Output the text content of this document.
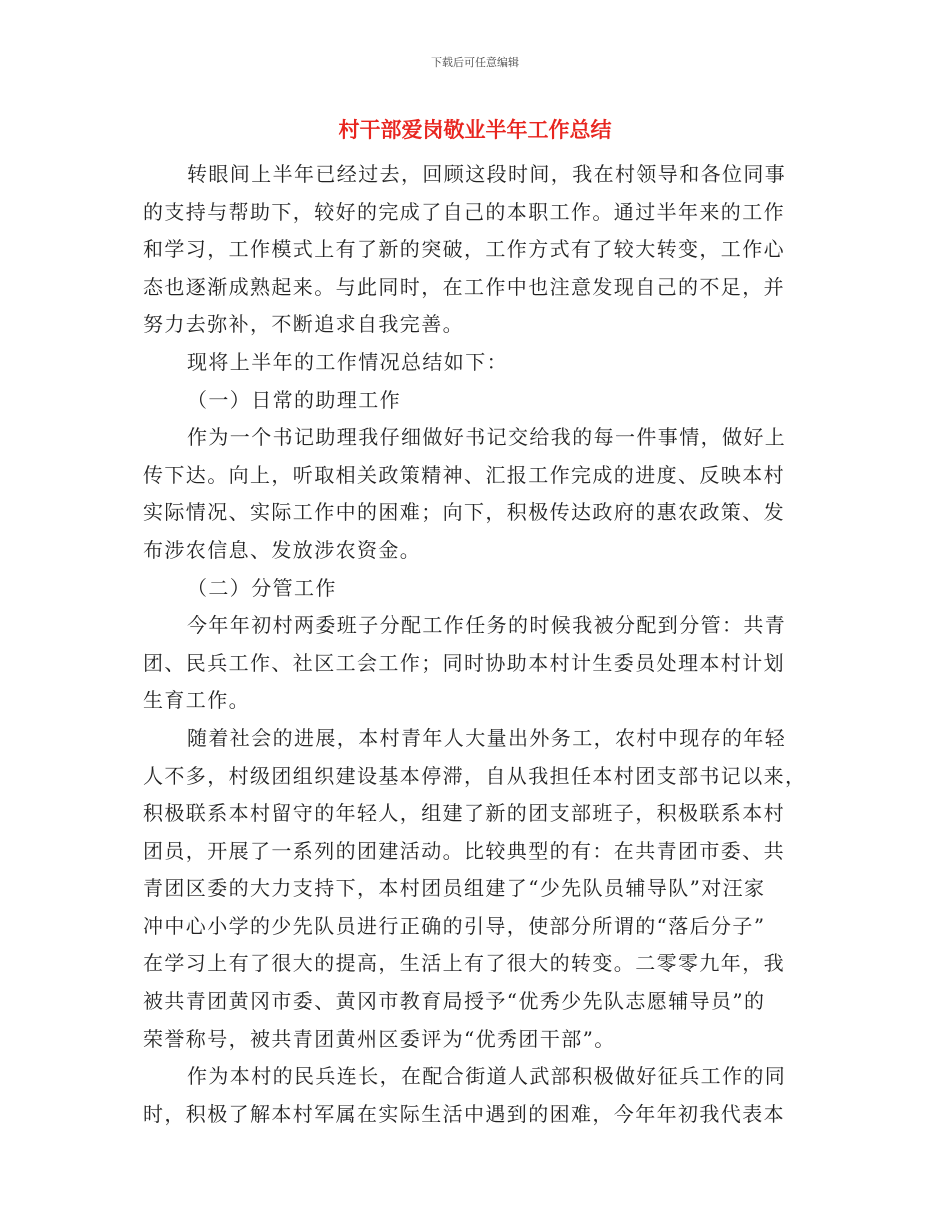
下载后可任意编辑
村干部爱岗敬业半年工作总结
转眼间上半年已经过去，回顾这段时间，我在村领导和各位同事
的支持与帮助下，较好的完成了自己的本职工作。通过半年来的工作
和学习，工作模式上有了新的突破，工作方式有了较大转变，工作心
态也逐渐成熟起来。与此同时，在工作中也注意发现自己的不足，并
努力去弥补，不断追求自我完善。
现将上半年的工作情况总结如下：
（一）日常的助理工作
作为一个书记助理我仔细做好书记交给我的每一件事情，做好上
传下达。向上，听取相关政策精神、汇报工作完成的进度、反映本村
实际情况、实际工作中的困难；向下，积极传达政府的惠农政策、发
布涉农信息、发放涉农资金。
（二）分管工作
今年年初村两委班子分配工作任务的时候我被分配到分管：共青
团、民兵工作、社区工会工作；同时协助本村计生委员处理本村计划
生育工作。
随着社会的进展，本村青年人大量出外务工，农村中现存的年轻
人不多，村级团组织建设基本停滞，自从我担任本村团支部书记以来，
积极联系本村留守的年轻人，组建了新的团支部班子，积极联系本村
团员，开展了一系列的团建活动。比较典型的有：在共青团市委、共
青团区委的大力支持下，本村团员组建了“少先队员辅导队”对汪家
冲中心小学的少先队员进行正确的引导，使部分所谓的“落后分子”
在学习上有了很大的提高，生活上有了很大的转变。二零零九年，我
被共青团黄冈市委、黄冈市教育局授予“优秀少先队志愿辅导员”的
荣誉称号，被共青团黄州区委评为“优秀团干部”。
作为本村的民兵连长，在配合街道人武部积极做好征兵工作的同
时，积极了解本村军属在实际生活中遇到的困难，今年年初我代表本
